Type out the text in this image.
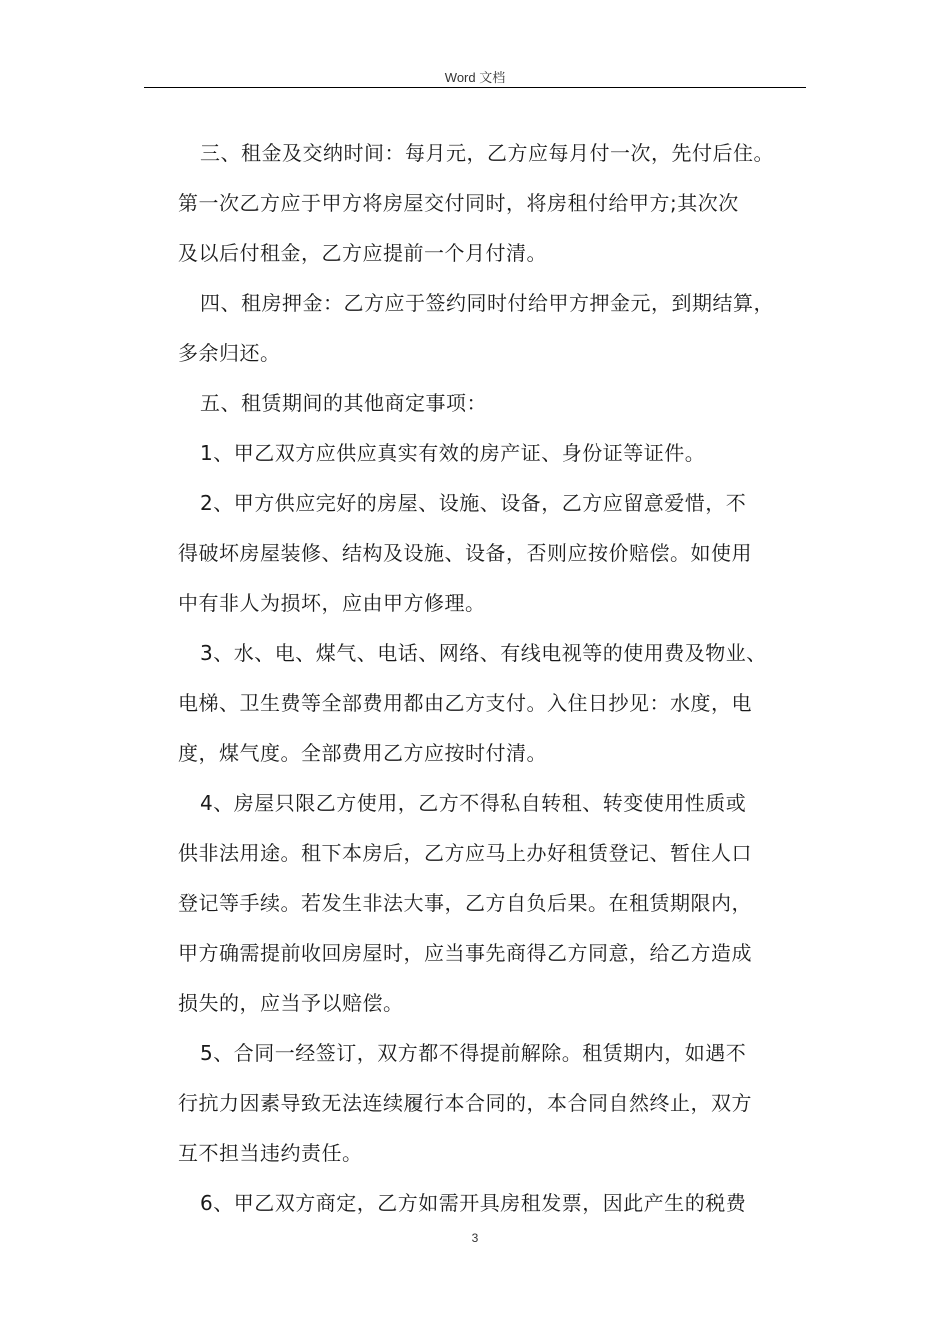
Word 文档
三、租金及交纳时间：每月元，乙方应每月付一次，先付后住。
第一次乙方应于甲方将房屋交付同时，将房租付给甲方;其次次
及以后付租金，乙方应提前一个月付清。
四、租房押金：乙方应于签约同时付给甲方押金元，到期结算，
多余归还。
五、租赁期间的其他商定事项：
1、甲乙双方应供应真实有效的房产证、身份证等证件。
2、甲方供应完好的房屋、设施、设备，乙方应留意爱惜，不
得破坏房屋装修、结构及设施、设备，否则应按价赔偿。如使用
中有非人为损坏，应由甲方修理。
3、水、电、煤气、电话、网络、有线电视等的使用费及物业、
电梯、卫生费等全部费用都由乙方支付。入住日抄见：水度，电
度，煤气度。全部费用乙方应按时付清。
4、房屋只限乙方使用，乙方不得私自转租、转变使用性质或
供非法用途。租下本房后，乙方应马上办好租赁登记、暂住人口
登记等手续。若发生非法大事，乙方自负后果。在租赁期限内，
甲方确需提前收回房屋时，应当事先商得乙方同意，给乙方造成
损失的，应当予以赔偿。
5、合同一经签订，双方都不得提前解除。租赁期内，如遇不
行抗力因素导致无法连续履行本合同的，本合同自然终止，双方
互不担当违约责任。
6、甲乙双方商定，乙方如需开具房租发票，因此产生的税费
3
